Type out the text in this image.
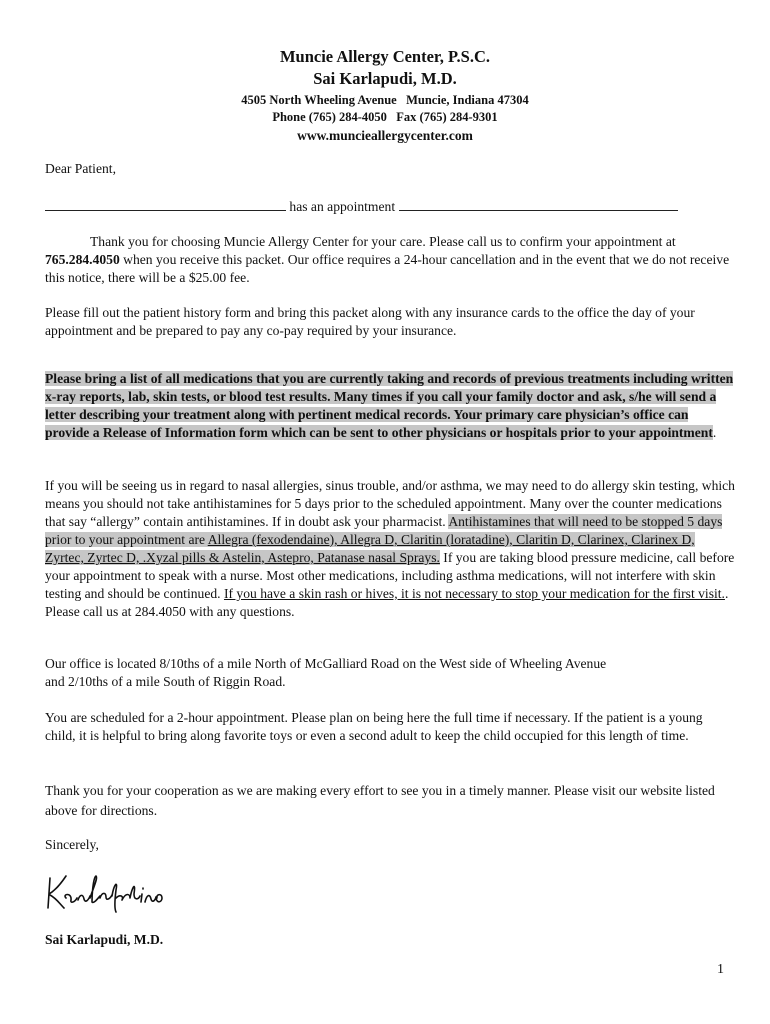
Muncie Allergy Center, P.S.C.
Sai Karlapudi, M.D.
4505 North Wheeling Avenue   Muncie, Indiana 47304
Phone (765) 284-4050   Fax (765) 284-9301
www.muncieallergycenter.com

Dear Patient,

has an appointment

Thank you for choosing Muncie Allergy Center for your care. Please call us to confirm your appointment at 765.284.4050 when you receive this packet. Our office requires a 24-hour cancellation and in the event that we do not receive this notice, there will be a $25.00 fee.

Please fill out the patient history form and bring this packet along with any insurance cards to the office the day of your appointment and be prepared to pay any co-pay required by your insurance.

Please bring a list of all medications that you are currently taking and records of previous treatments including written x-ray reports, lab, skin tests, or blood test results. Many times if you call your family doctor and ask, s/he will send a letter describing your treatment along with pertinent medical records. Your primary care physician’s office can provide a Release of Information form which can be sent to other physicians or hospitals prior to your appointment.

If you will be seeing us in regard to nasal allergies, sinus trouble, and/or asthma, we may need to do allergy skin testing, which means you should not take antihistamines for 5 days prior to the scheduled appointment. Many over the counter medications that say “allergy” contain antihistamines. If in doubt ask your pharmacist. Antihistamines that will need to be stopped 5 days prior to your appointment are Allegra (fexodendaine), Allegra D, Claritin (loratadine), Claritin D, Clarinex, Clarinex D, Zyrtec, Zyrtec D, .Xyzal pills & Astelin, Astepro, Patanase nasal Sprays. If you are taking blood pressure medicine, call before your appointment to speak with a nurse. Most other medications, including asthma medications, will not interfere with skin testing and should be continued. If you have a skin rash or hives, it is not necessary to stop your medication for the first visit.. Please call us at 284.4050 with any questions.

Our office is located 8/10ths of a mile North of McGalliard Road on the West side of Wheeling Avenue
and 2/10ths of a mile South of Riggin Road.

You are scheduled for a 2-hour appointment. Please plan on being here the full time if necessary. If the patient is a young child, it is helpful to bring along favorite toys or even a second adult to keep the child occupied for this length of time.

Thank you for your cooperation as we are making every effort to see you in a timely manner. Please visit our website listed above for directions.

Sincerely,

Sai Karlapudi, M.D.

1
